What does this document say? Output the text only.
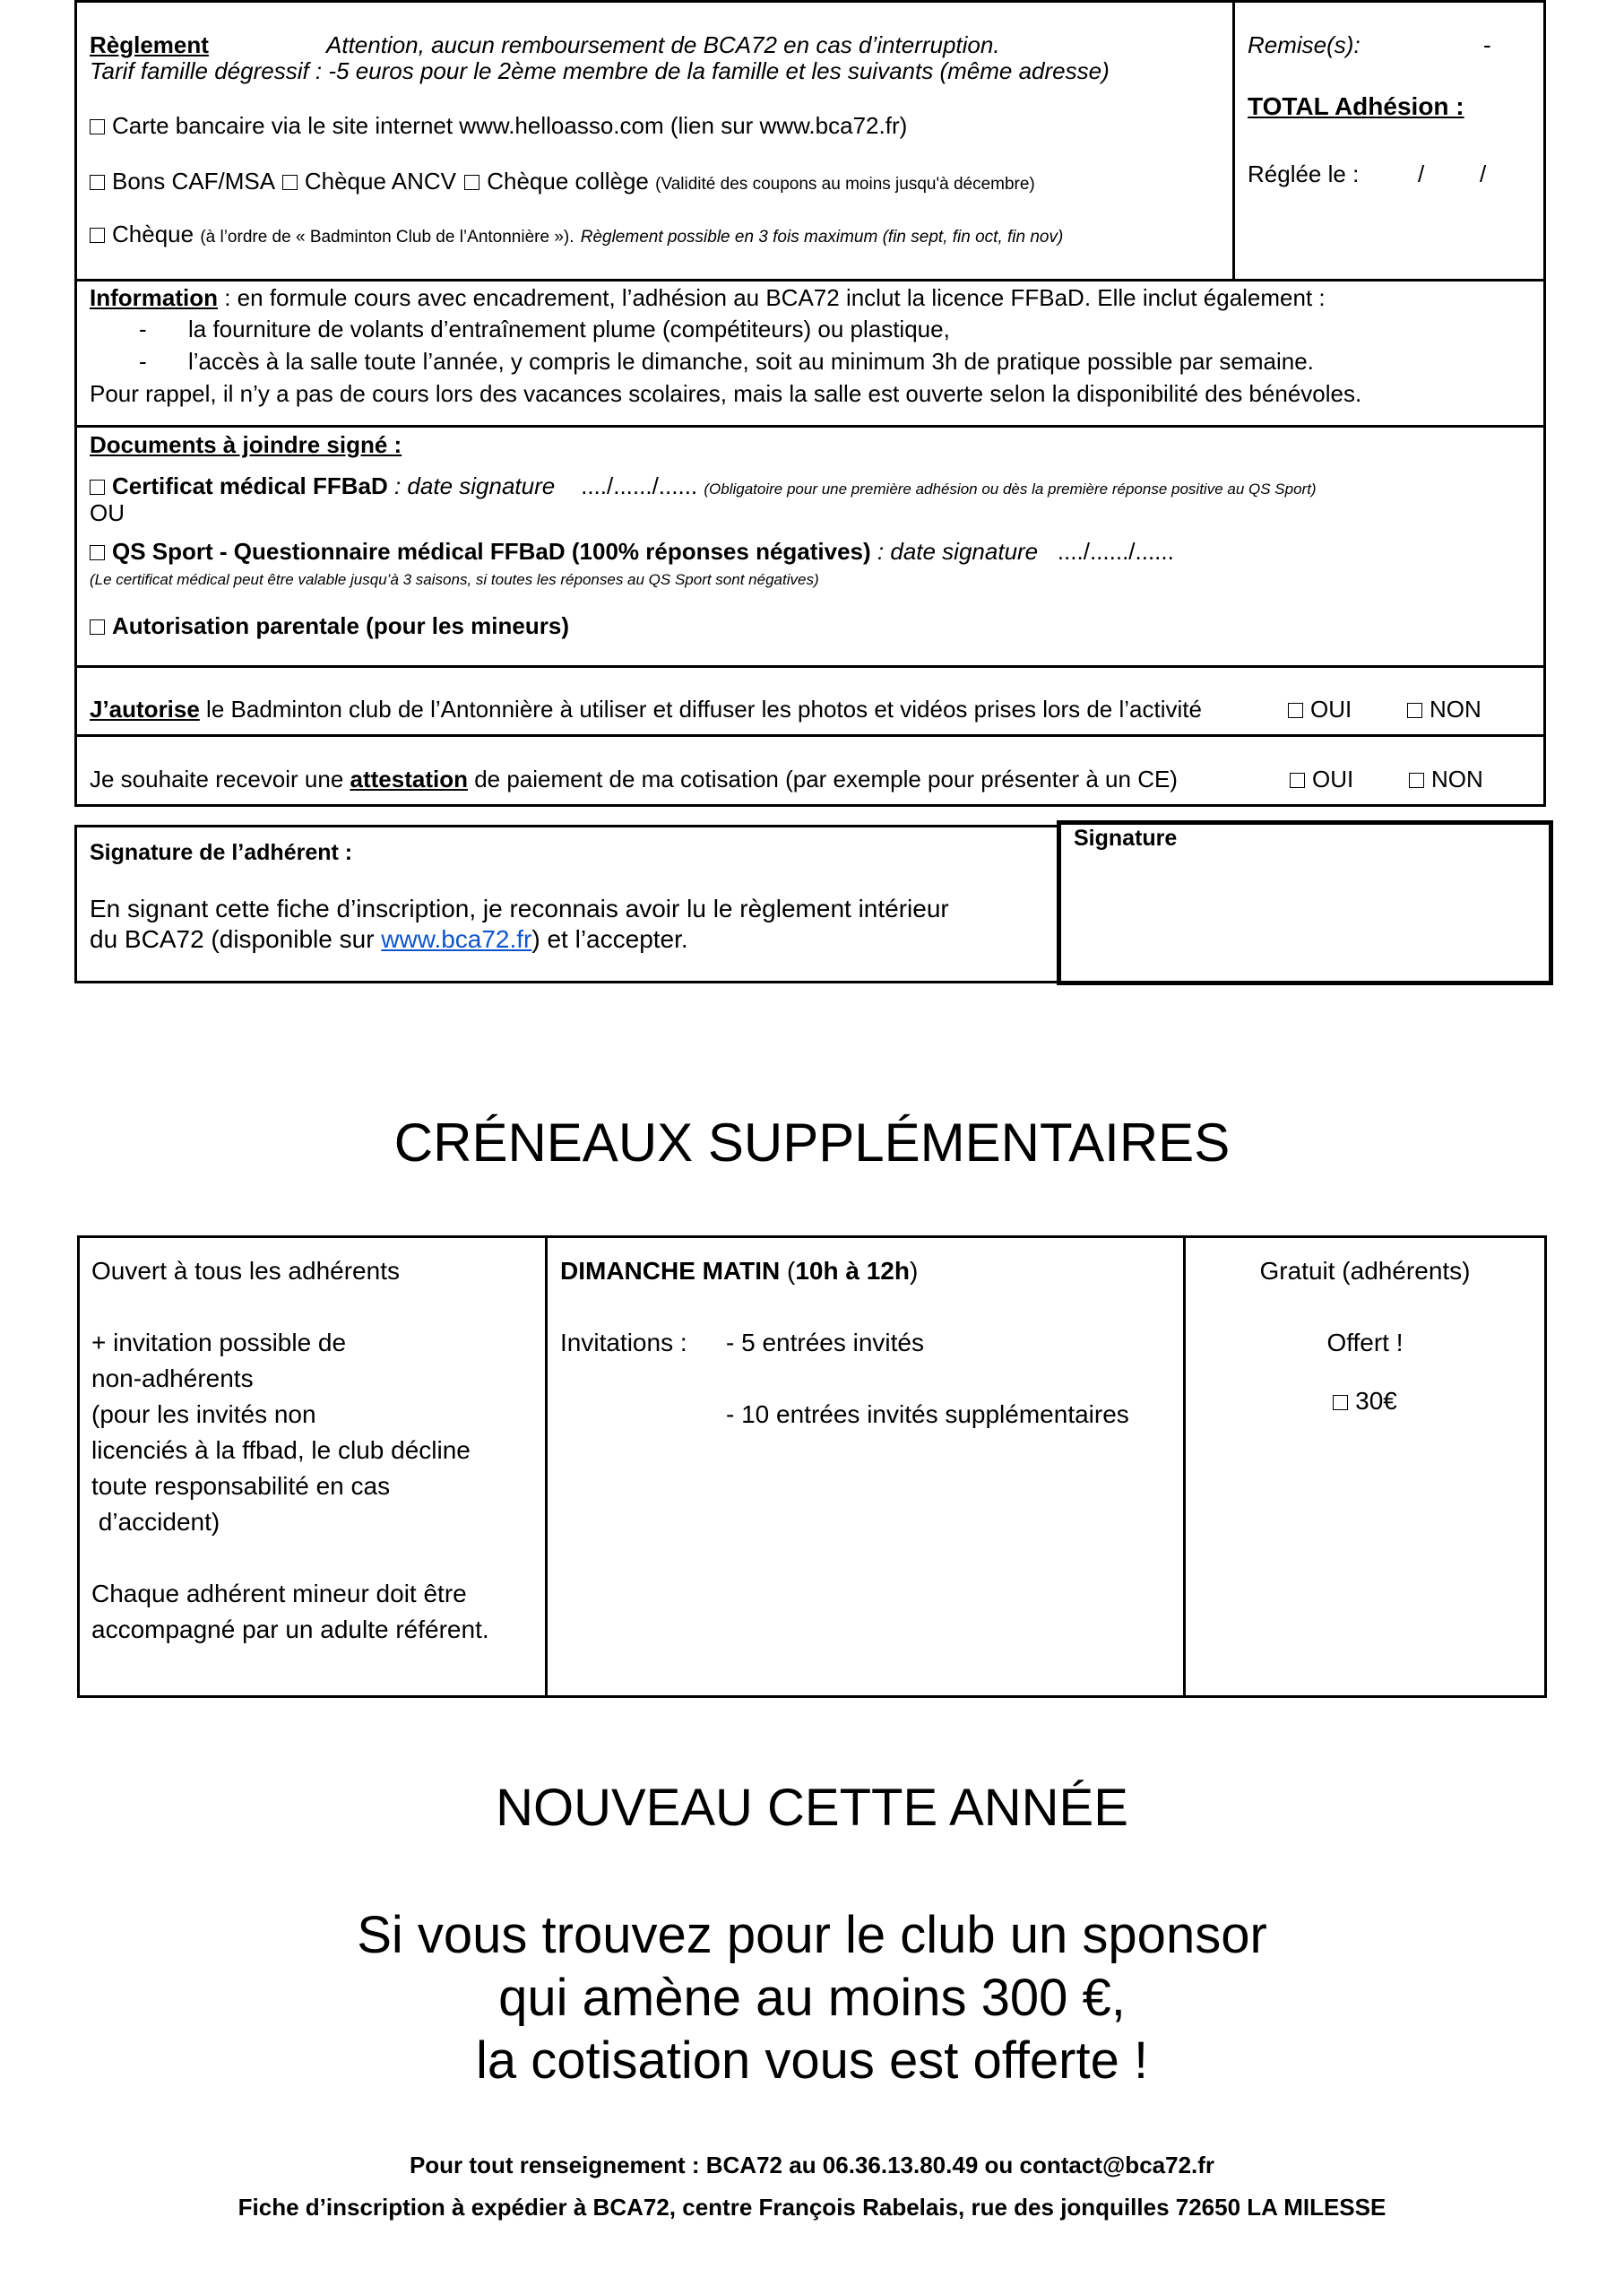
Règlement	Attention, aucun remboursement de BCA72 en cas d’interruption.
Tarif famille dégressif : -5 euros pour le 2ème membre de la famille et les suivants (même adresse)
Carte bancaire via le site internet www.helloasso.com (lien sur www.bca72.fr)
Bons CAF/MSA Chèque ANCV Chèque collège (Validité des coupons au moins jusqu'à décembre)
Chèque (à l’ordre de « Badminton Club de l’Antonnière »). Règlement possible en 3 fois maximum (fin sept, fin oct, fin nov)
Remise(s):	-
TOTAL Adhésion :
Réglée le :	/ /
Information : en formule cours avec encadrement, l’adhésion au BCA72 inclut la licence FFBaD. Elle inclut également :
- la fourniture de volants d’entraînement plume (compétiteurs) ou plastique,
- l’accès à la salle toute l’année, y compris le dimanche, soit au minimum 3h de pratique possible par semaine.
Pour rappel, il n’y a pas de cours lors des vacances scolaires, mais la salle est ouverte selon la disponibilité des bénévoles.
Documents à joindre signé :
Certificat médical FFBaD : date signature    ..../....../...... (Obligatoire pour une première adhésion ou dès la première réponse positive au QS Sport)
OU
QS Sport - Questionnaire médical FFBaD (100% réponses négatives) : date signature   ..../....../......
(Le certificat médical peut être valable jusqu’à 3 saisons, si toutes les réponses au QS Sport sont négatives)
Autorisation parentale (pour les mineurs)
J’autorise le Badminton club de l’Antonnière à utiliser et diffuser les photos et vidéos prises lors de l’activité	OUI	NON
Je souhaite recevoir une attestation de paiement de ma cotisation (par exemple pour présenter à un CE)	OUI	NON
Signature de l’adhérent :
En signant cette fiche d’inscription, je reconnais avoir lu le règlement intérieur
du BCA72 (disponible sur www.bca72.fr) et l’accepter.
Signature
CRÉNEAUX SUPPLÉMENTAIRES
Ouvert à tous les adhérents
+ invitation possible de
non-adhérents
(pour les invités non
licenciés à la ffbad, le club décline
toute responsabilité en cas
d’accident)
Chaque adhérent mineur doit être
accompagné par un adulte référent.
DIMANCHE MATIN (10h à 12h)
Invitations : - 5 entrées invités
- 10 entrées invités supplémentaires
Gratuit (adhérents)
Offert !
30€
NOUVEAU CETTE ANNÉE
Si vous trouvez pour le club un sponsor
qui amène au moins 300 €,
la cotisation vous est offerte !
Pour tout renseignement : BCA72 au 06.36.13.80.49 ou contact@bca72.fr
Fiche d’inscription à expédier à BCA72, centre François Rabelais, rue des jonquilles 72650 LA MILESSE
